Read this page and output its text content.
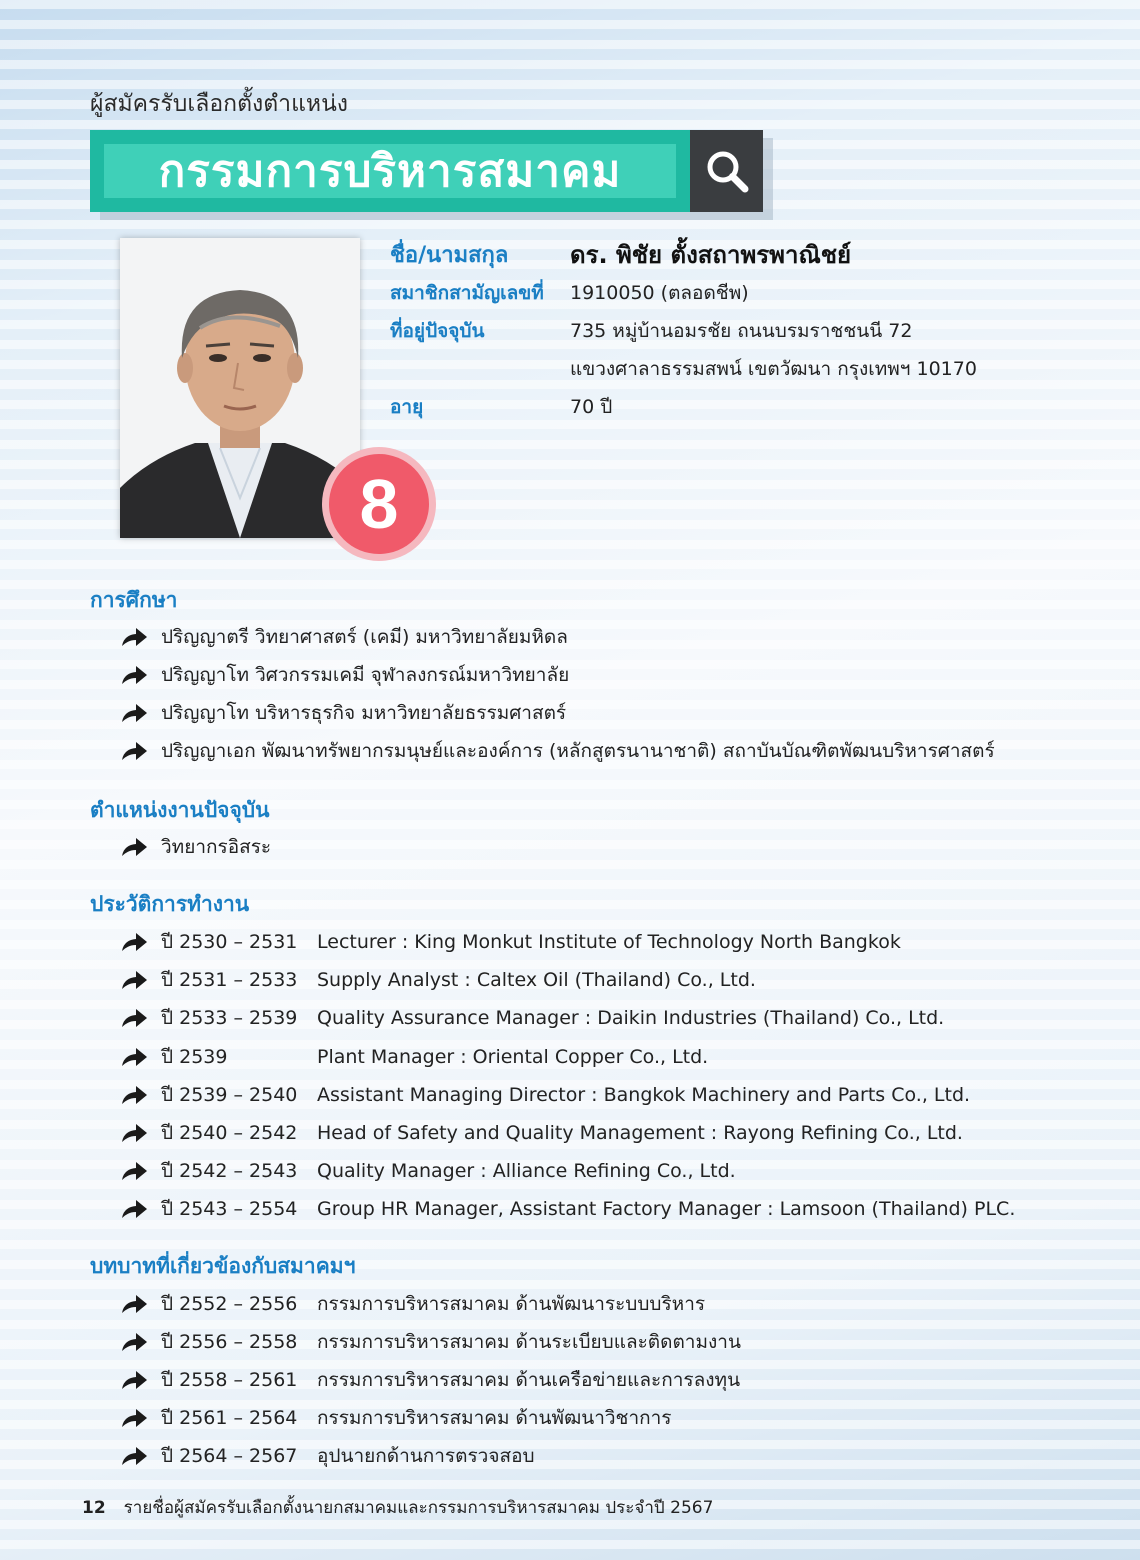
ผู้สมัครรับเลือกตั้งตำแหน่ง
กรรมการบริหารสมาคม
8
ชื่อ/นามสกุล	ดร. พิชัย ตั้งสถาพรพาณิชย์
สมาชิกสามัญเลขที่	1910050 (ตลอดชีพ)
ที่อยู่ปัจจุบัน	735 หมู่บ้านอมรชัย ถนนบรมราชชนนี 72
แขวงศาลาธรรมสพน์ เขตวัฒนา กรุงเทพฯ 10170
อายุ	70 ปี
การศึกษา
ปริญญาตรี วิทยาศาสตร์ (เคมี) มหาวิทยาลัยมหิดล
ปริญญาโท วิศวกรรมเคมี จุฬาลงกรณ์มหาวิทยาลัย
ปริญญาโท บริหารธุรกิจ มหาวิทยาลัยธรรมศาสตร์
ปริญญาเอก พัฒนาทรัพยากรมนุษย์และองค์การ (หลักสูตรนานาชาติ) สถาบันบัณฑิตพัฒนบริหารศาสตร์
ตำแหน่งงานปัจจุบัน
วิทยากรอิสระ
ประวัติการทำงาน
ปี 2530 – 2531	Lecturer : King Monkut Institute of Technology North Bangkok
ปี 2531 – 2533	Supply Analyst : Caltex Oil (Thailand) Co., Ltd.
ปี 2533 – 2539	Quality Assurance Manager : Daikin Industries (Thailand) Co., Ltd.
ปี 2539	Plant Manager : Oriental Copper Co., Ltd.
ปี 2539 – 2540	Assistant Managing Director : Bangkok Machinery and Parts Co., Ltd.
ปี 2540 – 2542	Head of Safety and Quality Management : Rayong Refining Co., Ltd.
ปี 2542 – 2543	Quality Manager : Alliance Refining Co., Ltd.
ปี 2543 – 2554	Group HR Manager, Assistant Factory Manager : Lamsoon (Thailand) PLC.
บทบาทที่เกี่ยวข้องกับสมาคมฯ
ปี 2552 – 2556	กรรมการบริหารสมาคม ด้านพัฒนาระบบบริหาร
ปี 2556 – 2558	กรรมการบริหารสมาคม ด้านระเบียบและติดตามงาน
ปี 2558 – 2561	กรรมการบริหารสมาคม ด้านเครือข่ายและการลงทุน
ปี 2561 – 2564	กรรมการบริหารสมาคม ด้านพัฒนาวิชาการ
ปี 2564 – 2567	อุปนายกด้านการตรวจสอบ
12 รายชื่อผู้สมัครรับเลือกตั้งนายกสมาคมและกรรมการบริหารสมาคม ประจำปี 2567
